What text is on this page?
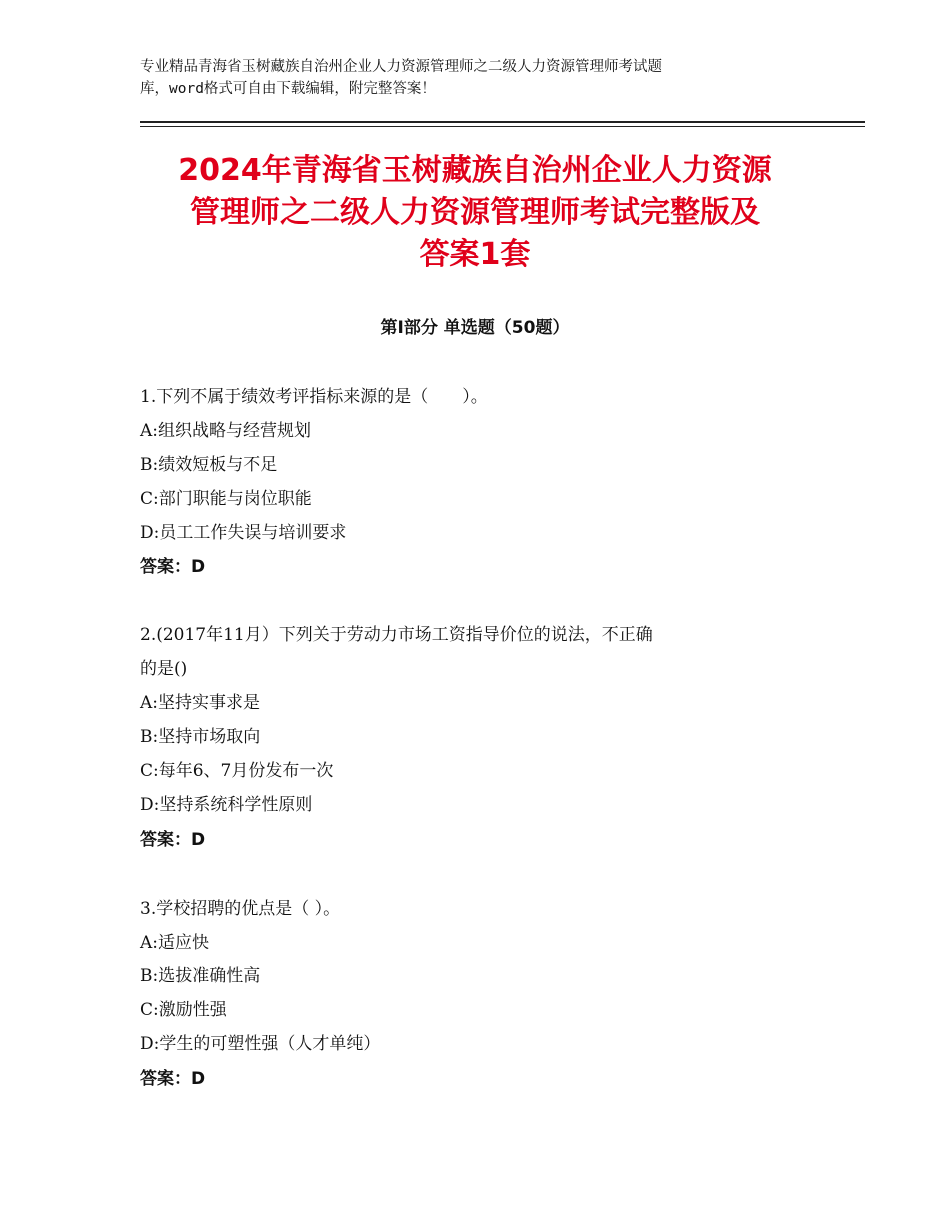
专业精品青海省玉树藏族自治州企业人力资源管理师之二级人力资源管理师考试题
库，word格式可自由下载编辑，附完整答案！
2024年青海省玉树藏族自治州企业人力资源
管理师之二级人力资源管理师考试完整版及
答案1套
第Ⅰ部分 单选题（50题）
1.下列不属于绩效考评指标来源的是（　　）。
A:组织战略与经营规划
B:绩效短板与不足
C:部门职能与岗位职能
D:员工工作失误与培训要求
答案：D
2.(2017年11月）下列关于劳动力市场工资指导价位的说法，不正确
的是()
A:坚持实事求是
B:坚持市场取向
C:每年6、7月份发布一次
D:坚持系统科学性原则
答案：D
3.学校招聘的优点是（ ）。
A:适应快
B:选拔准确性高
C:激励性强
D:学生的可塑性强（人才单纯）
答案：D
